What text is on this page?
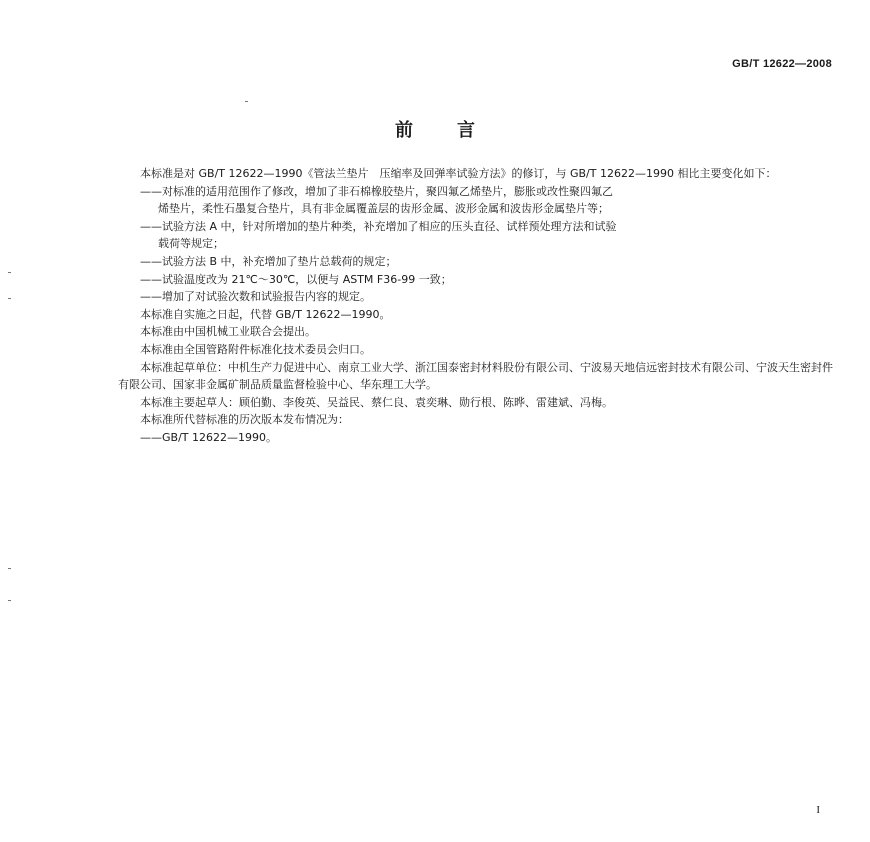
GB/T 12622—2008
前言

本标准是对 GB/T 12622—1990《管法兰垫片　压缩率及回弹率试验方法》的修订，与 GB/T 12622—1990 相比主要变化如下：

——对标准的适用范围作了修改，增加了非石棉橡胶垫片，聚四氟乙烯垫片，膨胀或改性聚四氟乙

烯垫片，柔性石墨复合垫片，具有非金属覆盖层的齿形金属、波形金属和波齿形金属垫片等；

——试验方法 A 中，针对所增加的垫片种类，补充增加了相应的压头直径、试样预处理方法和试验

载荷等规定；

——试验方法 B 中，补充增加了垫片总载荷的规定；

——试验温度改为 21℃～30℃，以便与 ASTM F36-99 一致；

——增加了对试验次数和试验报告内容的规定。

本标准自实施之日起，代替 GB/T 12622—1990。

本标准由中国机械工业联合会提出。

本标准由全国管路附件标准化技术委员会归口。

本标准起草单位：中机生产力促进中心、南京工业大学、浙江国泰密封材料股份有限公司、宁波易天地信远密封技术有限公司、宁波天生密封件有限公司、国家非金属矿制品质量监督检验中心、华东理工大学。

本标准主要起草人：顾伯勤、李俊英、吴益民、蔡仁良、袁奕琳、勋行根、陈晔、雷建斌、冯梅。

本标准所代替标准的历次版本发布情况为：

——GB/T 12622—1990。

I
